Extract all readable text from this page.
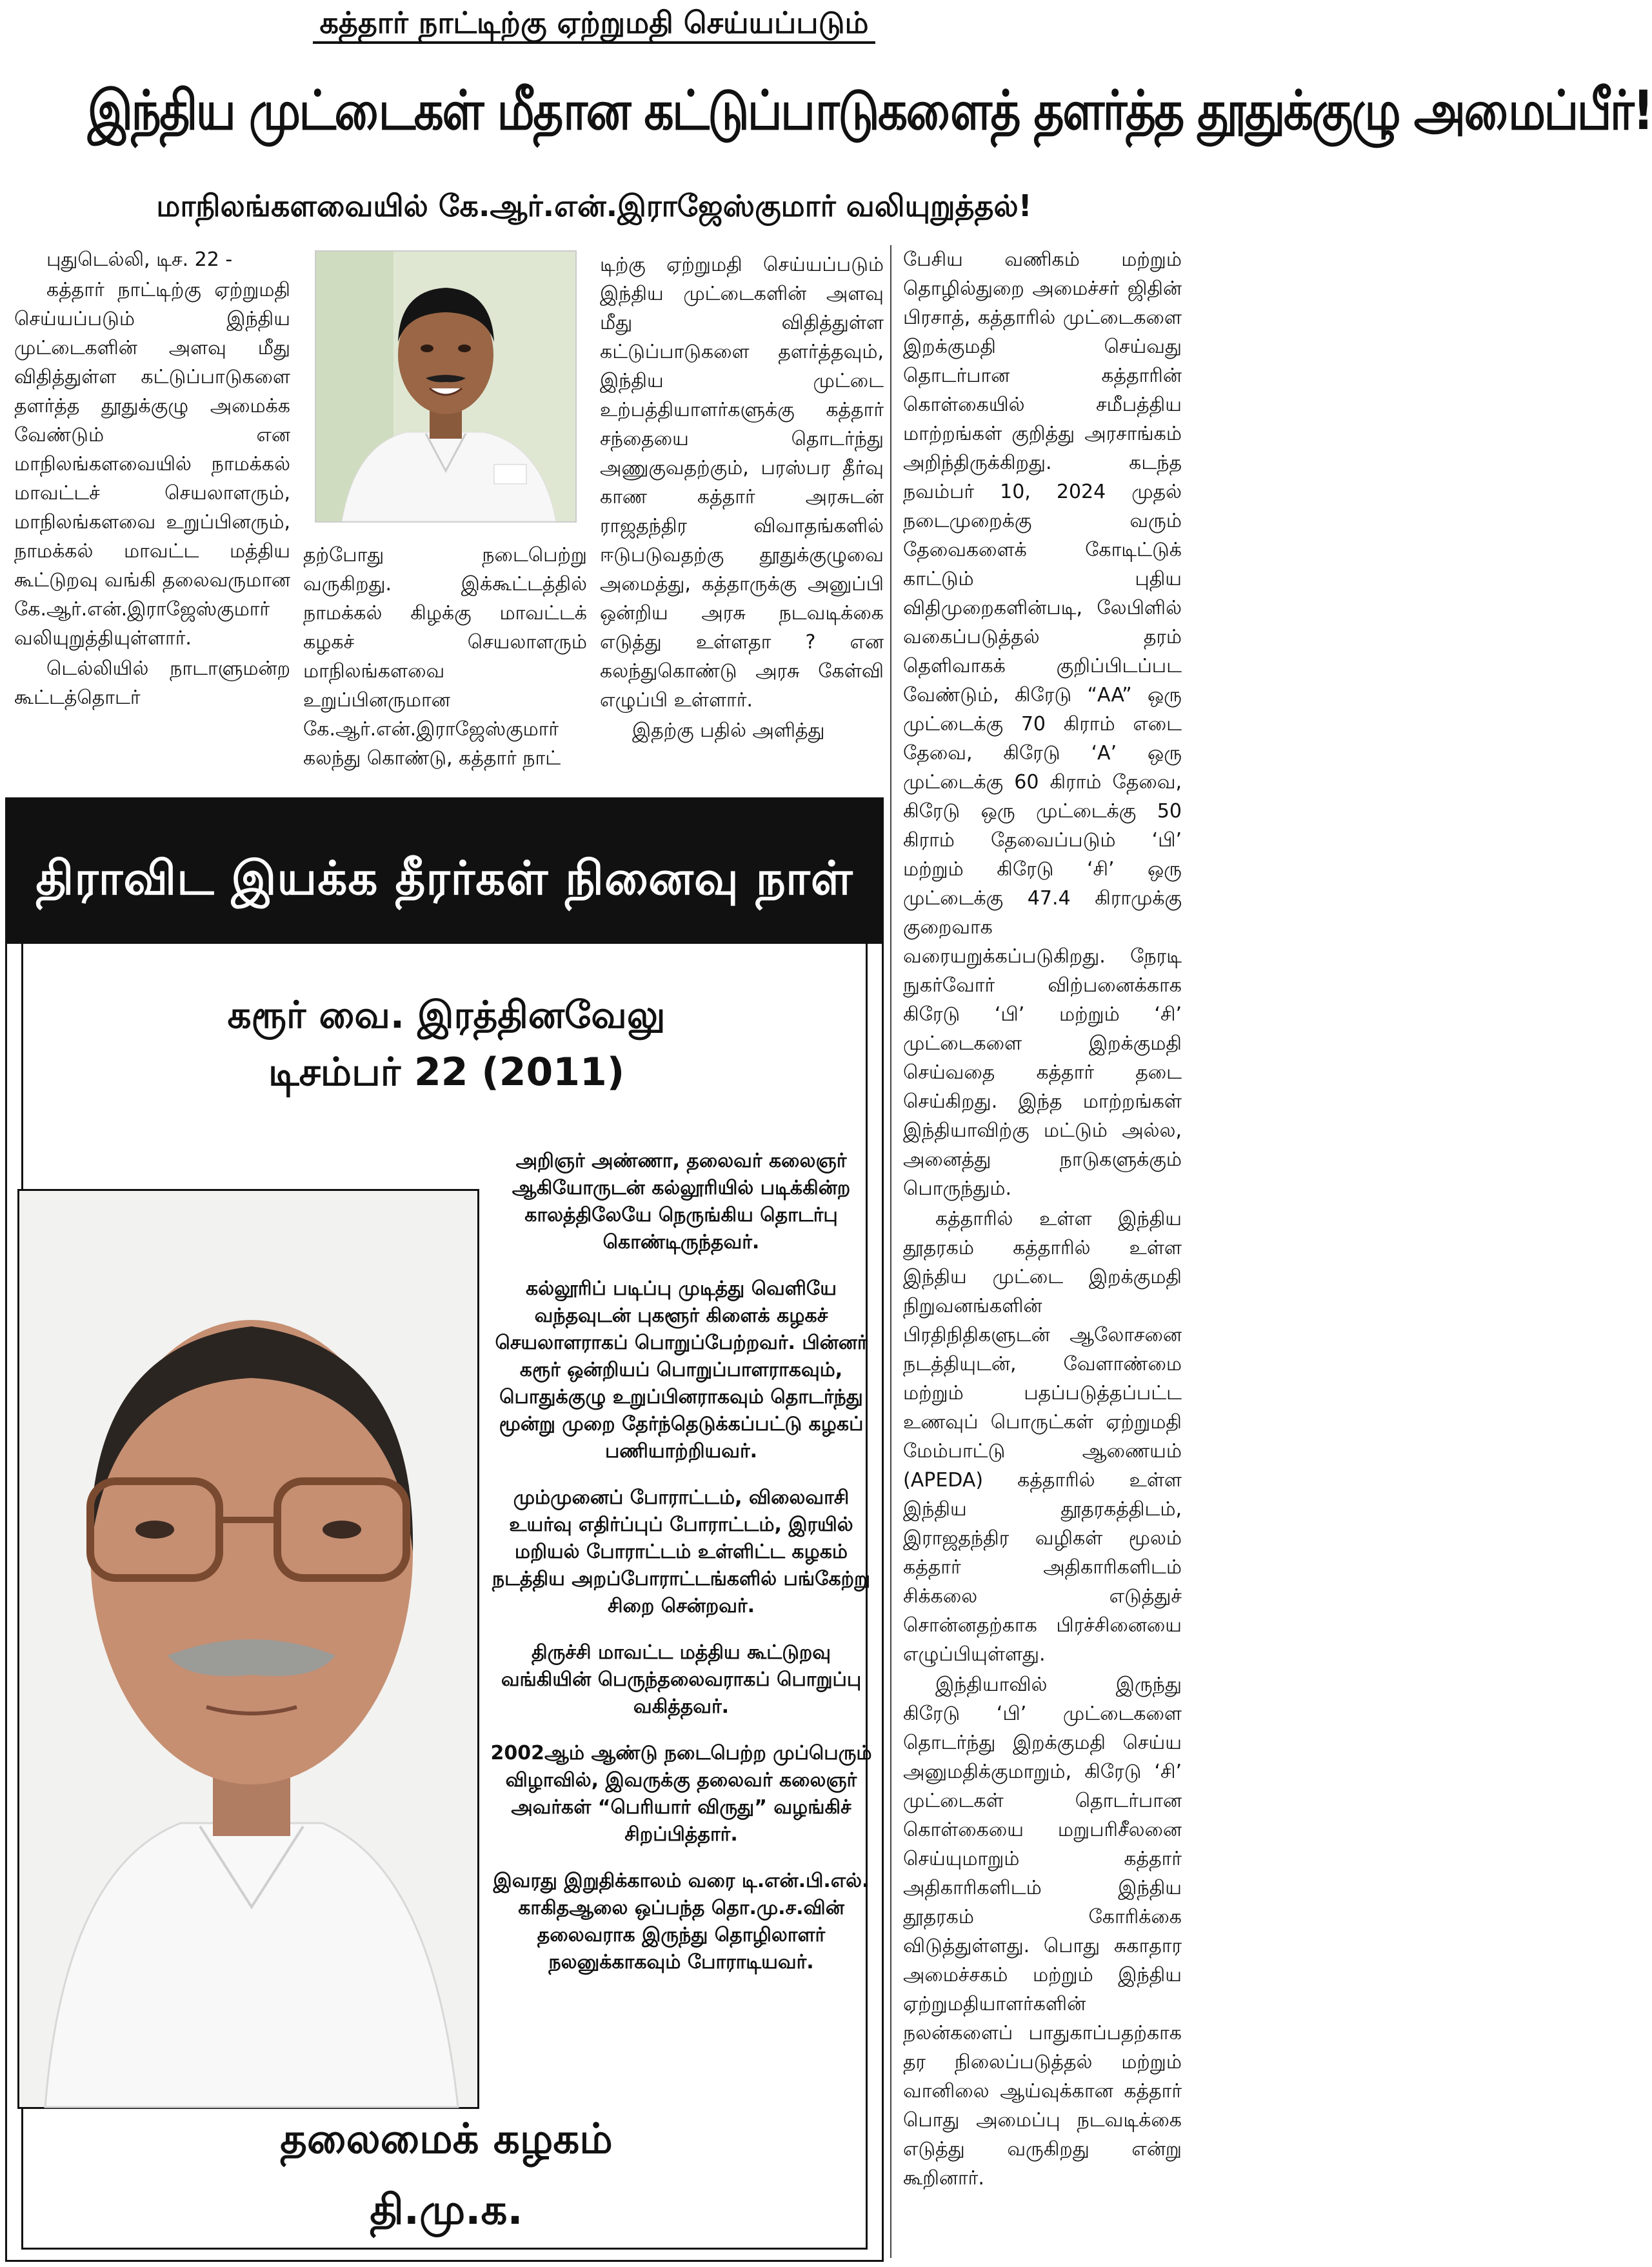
கத்தார் நாட்டிற்கு ஏற்றுமதி செய்யப்படும்
இந்திய முட்டைகள் மீதான கட்டுப்பாடுகளைத் தளர்த்த தூதுக்குழு அமைப்பீர்!
மாநிலங்களவையில் கே.ஆர்.என்.இராஜேஸ்குமார் வலியுறுத்தல்!

புதுடெல்லி, டிச. 22 -

கத்தார் நாட்டிற்கு ஏற்றுமதி செய்யப்படும் இந்திய முட்டைகளின் அளவு மீது விதித்துள்ள கட்டுப்பாடுகளை தளர்த்த தூதுக்குழு அமைக்க வேண்டும் என மாநிலங்களவையில் நாமக்கல் மாவட்டச் செயலாளரும், மாநிலங்களவை உறுப்பினரும், நாமக்கல் மாவட்ட மத்திய கூட்டுறவு வங்கி தலைவருமான கே.ஆர்.என்.இராஜேஸ்குமார் வலியுறுத்தியுள்ளார்.

டெல்லியில் நாடாளுமன்ற கூட்டத்தொடர்

தற்போது நடைபெற்று வருகிறது. இக்கூட்டத்தில் நாமக்கல் கிழக்கு மாவட்டக் கழகச் செயலாளரும் மாநிலங்களவை உறுப்பினருமான கே.ஆர்.என்.இராஜேஸ்குமார் கலந்து கொண்டு, கத்தார் நாட்

டிற்கு ஏற்றுமதி செய்யப்படும் இந்திய முட்டைகளின் அளவு மீது விதித்துள்ள கட்டுப்பாடுகளை தளர்த்தவும், இந்திய முட்டை உற்பத்தியாளர்களுக்கு கத்தார் சந்தையை தொடர்ந்து அணுகுவதற்கும், பரஸ்பர தீர்வு காண கத்தார் அரசுடன் ராஜதந்திர விவாதங்களில் ஈடுபடுவதற்கு தூதுக்குழுவை அமைத்து, கத்தாருக்கு அனுப்பி ஒன்றிய அரசு நடவடிக்கை எடுத்து உள்ளதா ? என கலந்துகொண்டு அரசு கேள்வி எழுப்பி உள்ளார்.

இதற்கு பதில் அளித்து

பேசிய வணிகம் மற்றும் தொழில்துறை அமைச்சர் ஜிதின் பிரசாத், கத்தாரில் முட்டைகளை இறக்குமதி செய்வது தொடர்பான கத்தாரின் கொள்கையில் சமீபத்திய மாற்றங்கள் குறித்து அரசாங்கம் அறிந்திருக்கிறது. கடந்த நவம்பர் 10, 2024 முதல் நடைமுறைக்கு வரும் தேவைகளைக் கோடிட்டுக் காட்டும் புதிய விதிமுறைகளின்படி, லேபிளில் வகைப்படுத்தல் தரம் தெளிவாகக் குறிப்பிடப்பட வேண்டும், கிரேடு “AA” ஒரு முட்டைக்கு 70 கிராம் எடை தேவை, கிரேடு ‘A’ ஒரு முட்டைக்கு 60 கிராம் தேவை, கிரேடு ஒரு முட்டைக்கு 50 கிராம் தேவைப்படும் ‘பி’ மற்றும் கிரேடு ‘சி’ ஒரு முட்டைக்கு 47.4 கிராமுக்கு குறைவாக வரையறுக்கப்படுகிறது. நேரடி நுகர்வோர் விற்பனைக்காக கிரேடு ‘பி’ மற்றும் ‘சி’ முட்டைகளை இறக்குமதி செய்வதை கத்தார் தடை செய்கிறது. இந்த மாற்றங்கள் இந்தியாவிற்கு மட்டும் அல்ல, அனைத்து நாடுகளுக்கும் பொருந்தும்.

கத்தாரில் உள்ள இந்திய தூதரகம் கத்தாரில் உள்ள இந்திய முட்டை இறக்குமதி நிறுவனங்களின் பிரதிநிதிகளுடன் ஆலோசனை நடத்தியுடன், வேளாண்மை மற்றும் பதப்படுத்தப்பட்ட உணவுப் பொருட்கள் ஏற்றுமதி மேம்பாட்டு ஆணையம் (APEDA) கத்தாரில் உள்ள இந்திய தூதரகத்திடம், இராஜதந்திர வழிகள் மூலம் கத்தார் அதிகாரிகளிடம் சிக்கலை எடுத்துச் சொன்னதற்காக பிரச்சினையை எழுப்பியுள்ளது.

இந்தியாவில் இருந்து கிரேடு ‘பி’ முட்டைகளை தொடர்ந்து இறக்குமதி செய்ய அனுமதிக்குமாறும், கிரேடு ‘சி’ முட்டைகள் தொடர்பான கொள்கையை மறுபரிசீலனை செய்யுமாறும் கத்தார் அதிகாரிகளிடம் இந்திய தூதரகம் கோரிக்கை விடுத்துள்ளது. பொது சுகாதார அமைச்சகம் மற்றும் இந்திய ஏற்றுமதியாளர்களின் நலன்களைப் பாதுகாப்பதற்காக தர நிலைப்படுத்தல் மற்றும் வானிலை ஆய்வுக்கான கத்தார் பொது அமைப்பு நடவடிக்கை எடுத்து வருகிறது என்று கூறினார்.

திராவிட இயக்க தீரர்கள் நினைவு நாள்
கரூர் வை. இரத்தினவேலு
டிசம்பர் 22 (2011)

அறிஞர் அண்ணா, தலைவர் கலைஞர் ஆகியோருடன் கல்லூரியில் படிக்கின்ற காலத்திலேயே நெருங்கிய தொடர்பு கொண்டிருந்தவர்.

கல்லூரிப் படிப்பு முடித்து வெளியே வந்தவுடன் புகளூர் கிளைக் கழகச் செயலாளராகப் பொறுப்பேற்றவர். பின்னர் கரூர் ஒன்றியப் பொறுப்பாளராகவும், பொதுக்குழு உறுப்பினராகவும் தொடர்ந்து மூன்று முறை தேர்ந்தெடுக்கப்பட்டு கழகப் பணியாற்றியவர்.

மும்முனைப் போராட்டம், விலைவாசி உயர்வு எதிர்ப்புப் போராட்டம், இரயில் மறியல் போராட்டம் உள்ளிட்ட கழகம் நடத்திய அறப்போராட்டங்களில் பங்கேற்று சிறை சென்றவர்.

திருச்சி மாவட்ட மத்திய கூட்டுறவு வங்கியின் பெருந்தலைவராகப் பொறுப்பு வகித்தவர்.

2002ஆம் ஆண்டு நடைபெற்ற முப்பெரும் விழாவில், இவருக்கு தலைவர் கலைஞர் அவர்கள் “பெரியார் விருது” வழங்கிச் சிறப்பித்தார்.

இவரது இறுதிக்காலம் வரை டி.என்.பி.எல். காகிதஆலை ஒப்பந்த தொ.மு.ச.வின் தலைவராக இருந்து தொழிலாளர் நலனுக்காகவும் போராடியவர்.

தலைமைக் கழகம்
தி.மு.க.
